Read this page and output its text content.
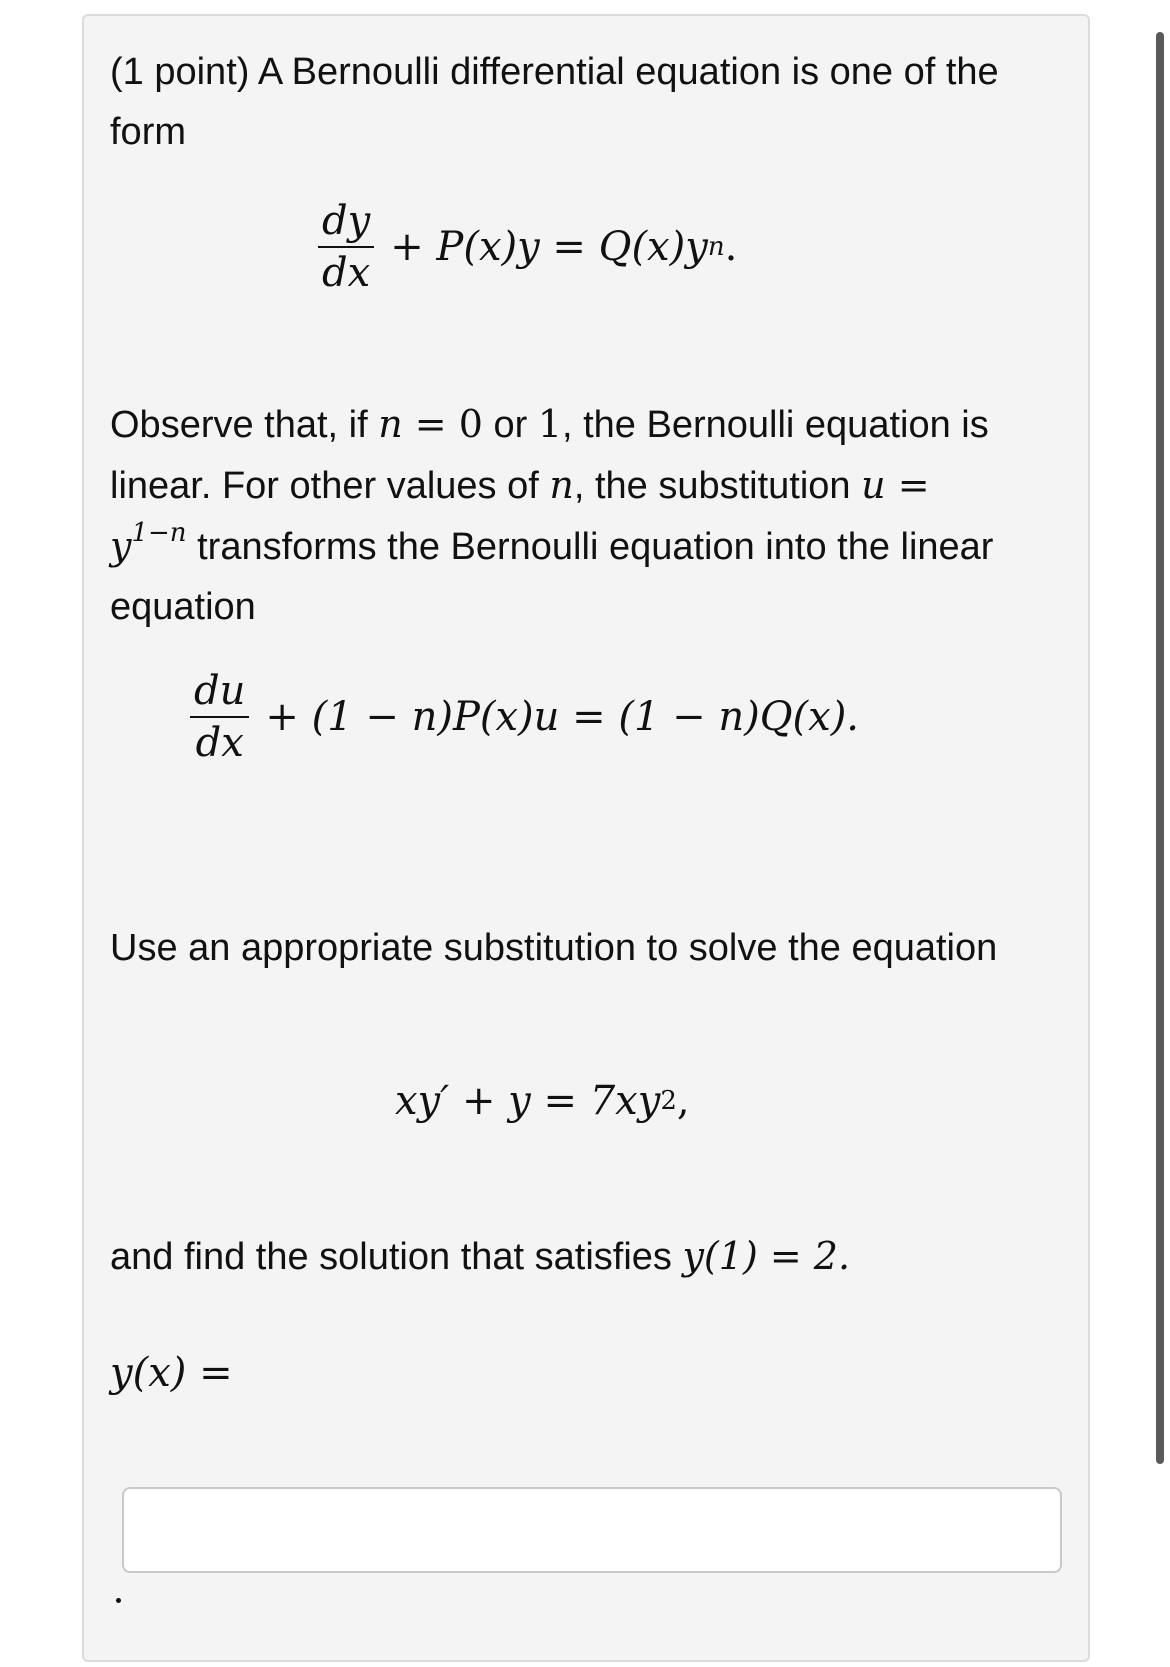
(1 point) A Bernoulli differential equation is one of the form

$\frac{dy}{dx} + P(x)y = Q(x)y$ n .

Observe that, if n = 0 or 1, the Bernoulli equation is linear. For other values of n, the substitution $u = y^{1-n}$ transforms the Bernoulli equation into the linear equation

$\frac{du}{dx} + (1 - n)P(x)u = (1 - n)Q(x)$.

Use an appropriate substitution to solve the equation

xy′ + y = 7xy 2 ,

and find the solution that satisfies y(1) = 2.

y(x) =
